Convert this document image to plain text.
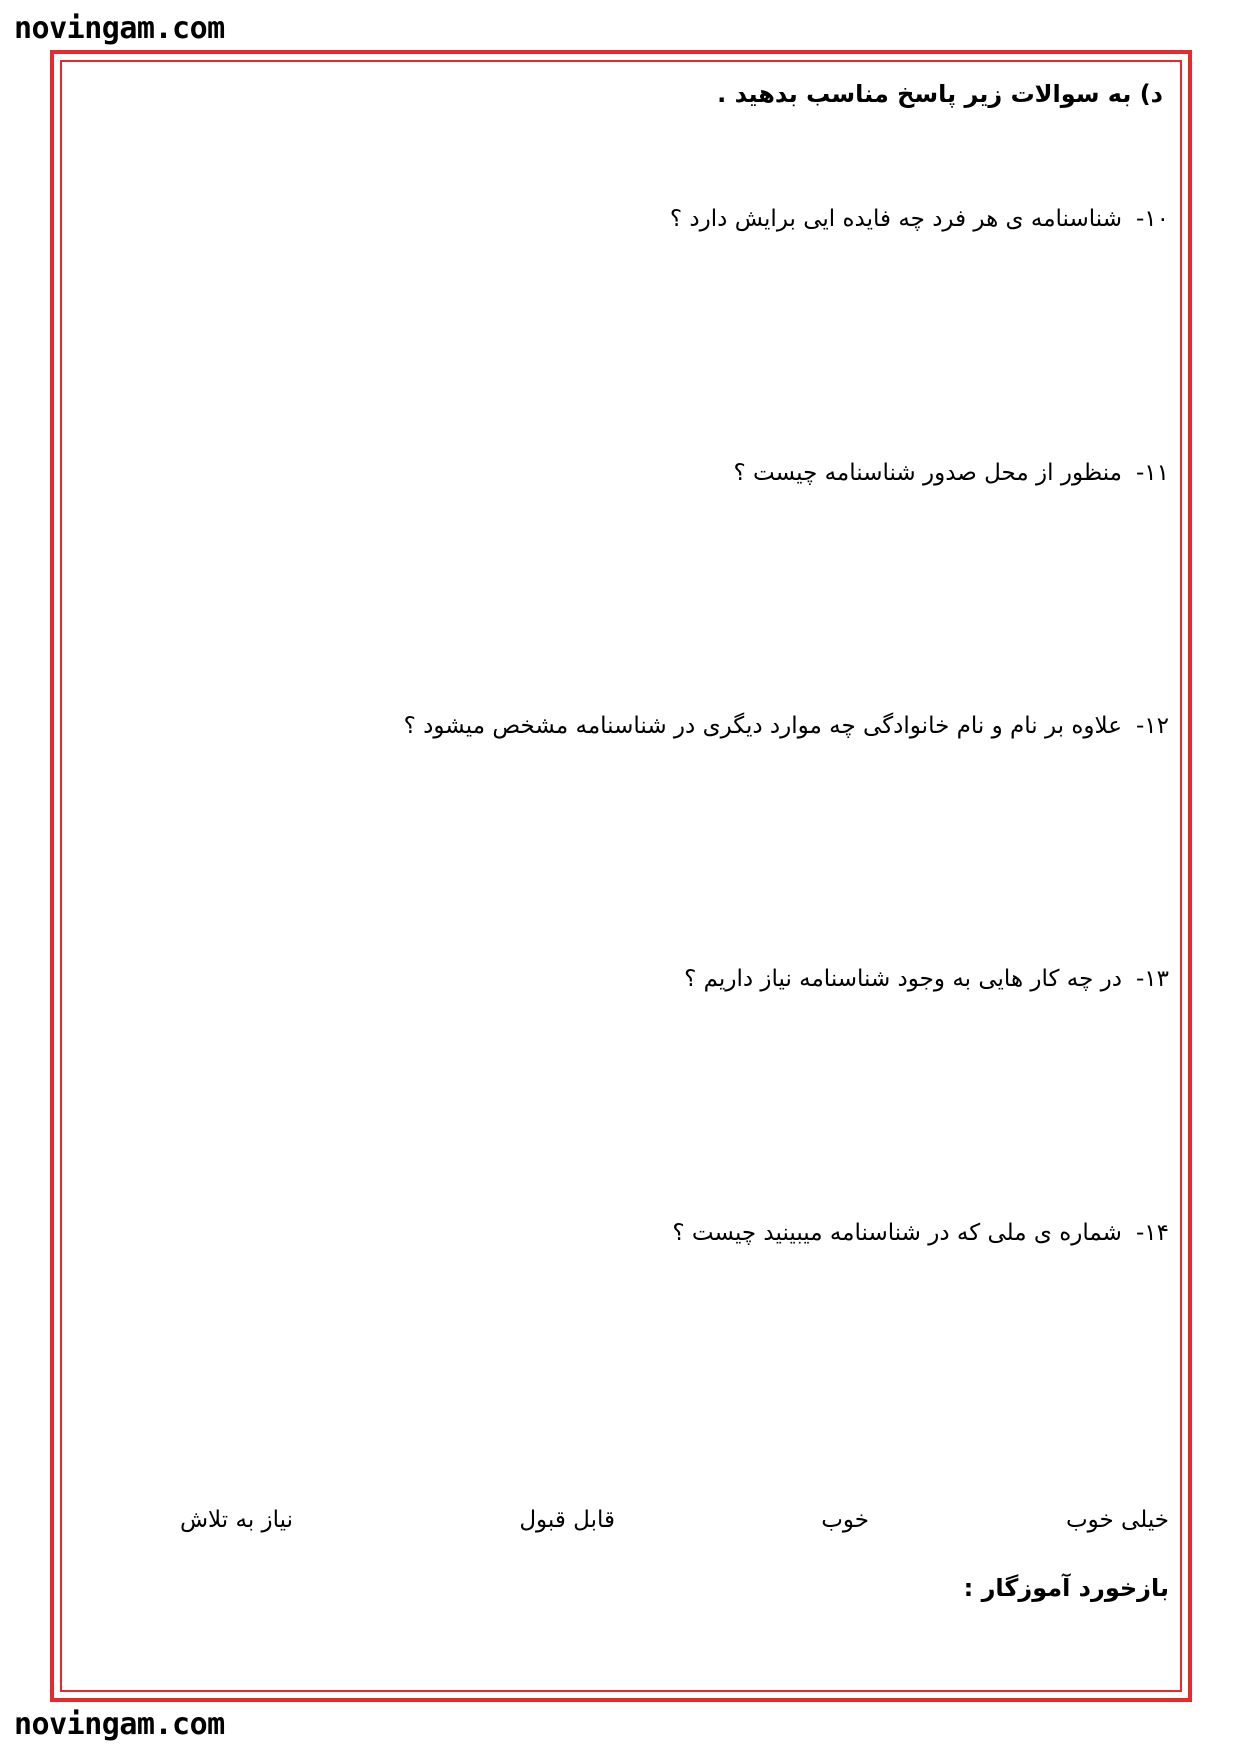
novingam.com
د) به سوالات زیر پاسخ مناسب بدهید .
۱۰-شناسنامه ی هر فرد چه فایده ایی برایش دارد ؟
۱۱-منظور از محل صدور شناسنامه چیست ؟
۱۲-علاوه بر نام و نام خانوادگی چه موارد دیگری در شناسنامه مشخص میشود ؟
۱۳-در چه کار هایی به وجود شناسنامه نیاز داریم ؟
۱۴-شماره ی ملی که در شناسنامه میبینید چیست ؟
خیلی خوب
خوب
قابل قبول
نیاز به تلاش
بازخورد آموزگار :
novingam.com
